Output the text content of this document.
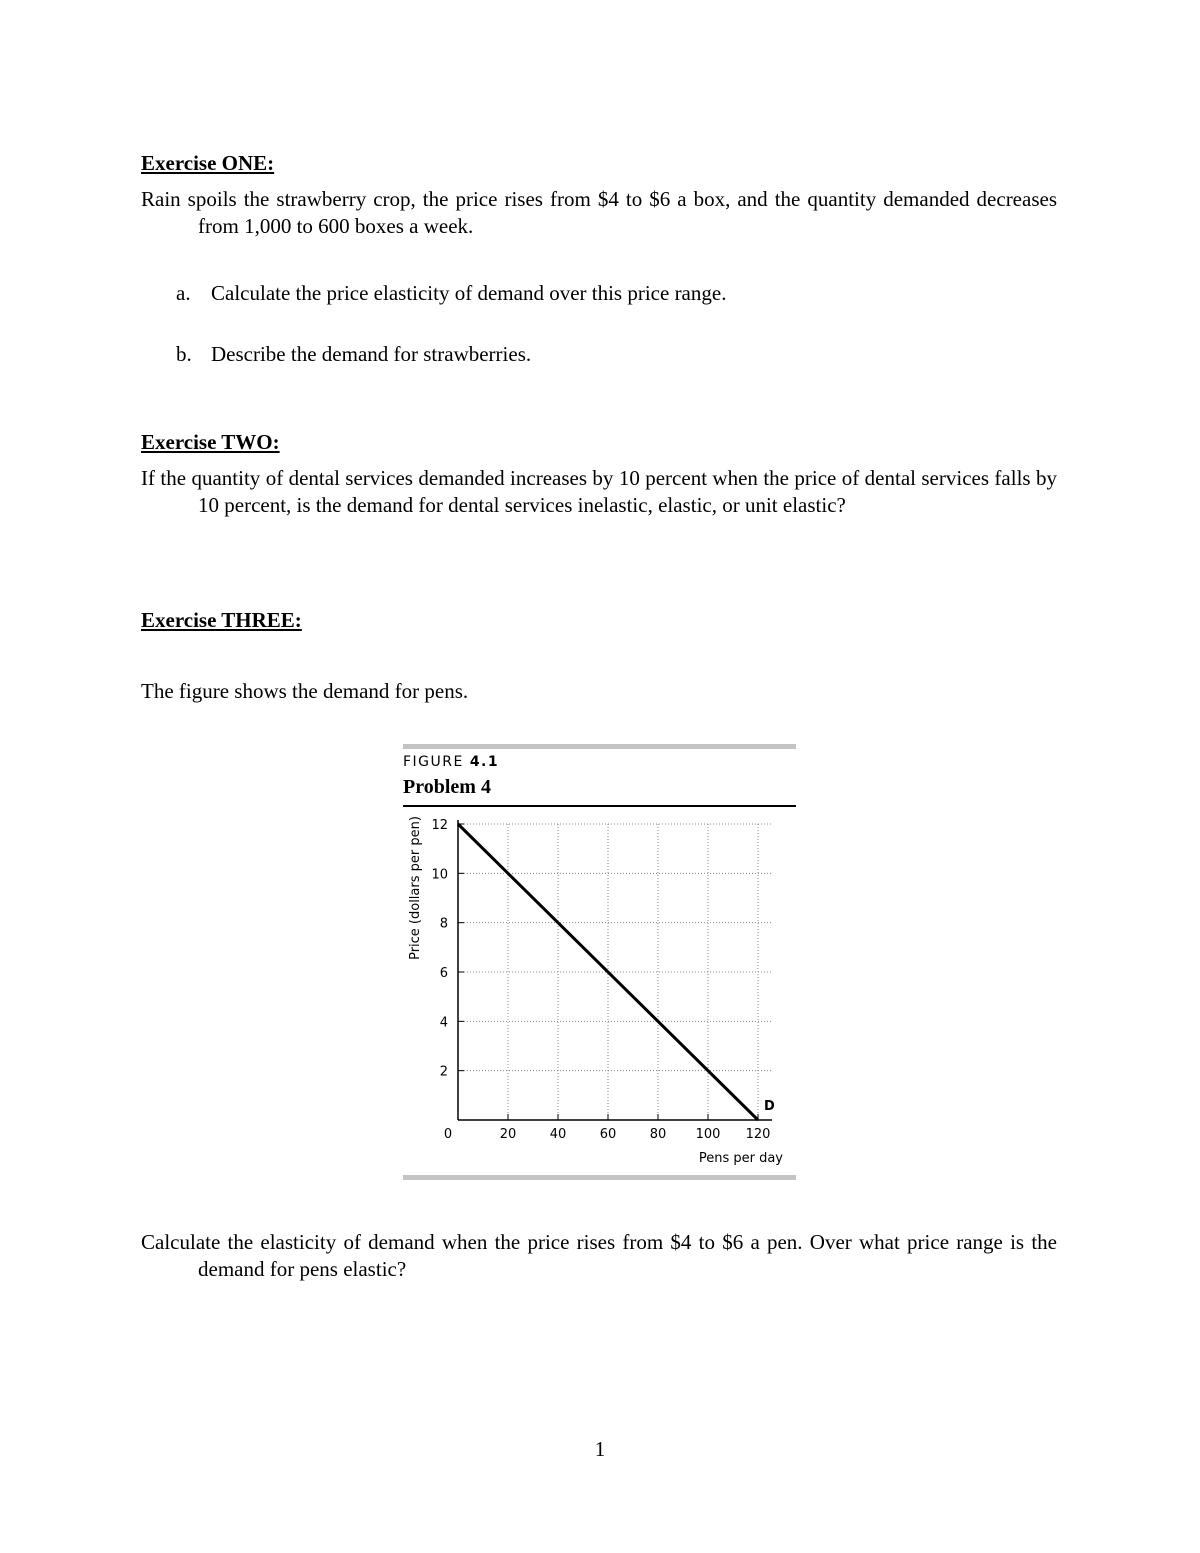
Exercise ONE:

Rain spoils the strawberry crop, the price rises from $4 to $6 a box, and the quantity demanded decreases from 1,000 to 600 boxes a week.

a. Calculate the price elasticity of demand over this price range.

b. Describe the demand for strawberries.

Exercise TWO:

If the quantity of dental services demanded increases by 10 percent when the price of dental services falls by 10 percent, is the demand for dental services inelastic, elastic, or unit elastic?

Exercise THREE:

The figure shows the demand for pens.

FIGURE 4.1
Problem 4
2
4
6
8
10
12
0	20	40	60	80 100 120
D
Price (dollars per pen)
Pens per day

Calculate the elasticity of demand when the price rises from $4 to $6 a pen. Over what price range is the demand for pens elastic?

1
